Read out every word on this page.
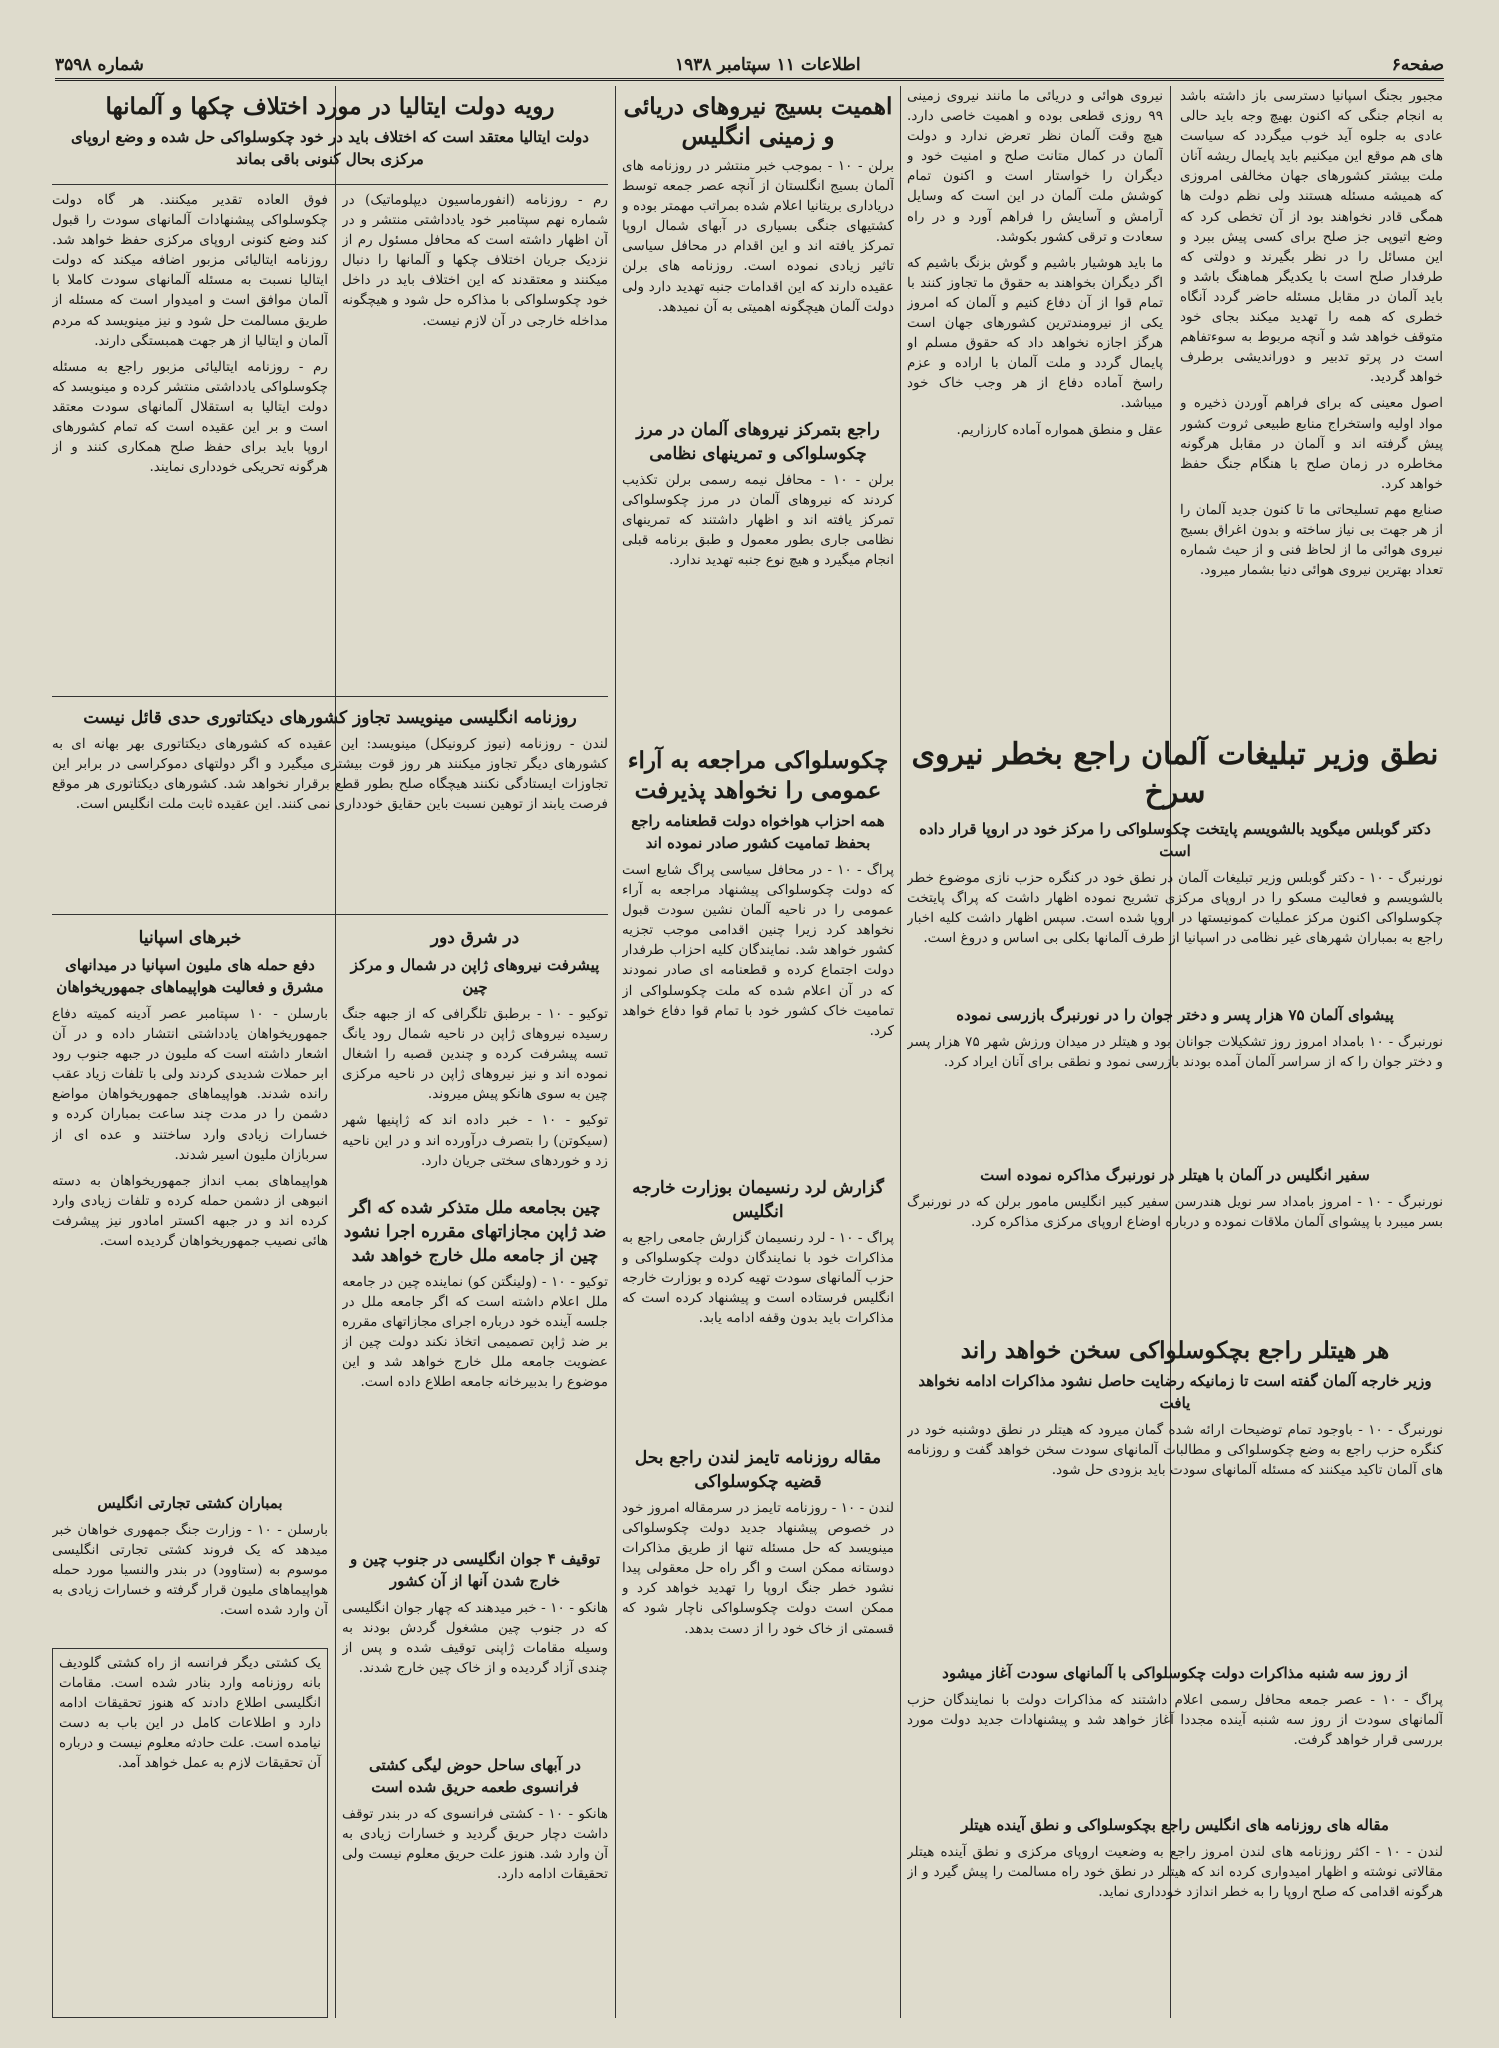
صفحه۶
اطلاعات ۱۱ سپتامبر ۱۹۳۸
شماره ۳۵۹۸

مجبور بجنگ اسپانیا دسترسی باز داشته باشد به انجام جنگی که اکنون بهیچ وجه باید حالی عادی به جلوه آید خوب میگردد که سیاست های هم موقع این میکنیم باید پایمال ریشه آنان ملت بیشتر کشورهای جهان مخالفی امروزی که همیشه مسئله هستند ولی نظم دولت ها همگی قادر نخواهند بود از آن تخطی کرد که وضع اتیوپی جز صلح برای کسی پیش ببرد و این مسائل را در نظر بگیرند و دولتی که طرفدار صلح است با یکدیگر هماهنگ باشد و باید آلمان در مقابل مسئله حاضر گردد آنگاه خطری که همه را تهدید میکند بجای خود متوقف خواهد شد و آنچه مربوط به سوءتفاهم است در پرتو تدبیر و دوراندیشی برطرف خواهد گردید.

اصول معینی که برای فراهم آوردن ذخیره و مواد اولیه واستخراج منابع طبیعی ثروت کشور پیش گرفته اند و آلمان در مقابل هرگونه مخاطره در زمان صلح با هنگام جنگ حفظ خواهد کرد.

صنایع مهم تسلیحاتی ما تا کنون جدید آلمان را از هر جهت بی نیاز ساخته و بدون اغراق بسیج نیروی هوائی ما از لحاظ فنی و از حیث شماره تعداد بهترین نیروی هوائی دنیا بشمار میرود.

نیروی هوائی و دریائی ما مانند نیروی زمینی ۹۹ روزی قطعی بوده و اهمیت خاصی دارد. هیچ وقت آلمان نظر تعرض ندارد و دولت آلمان در کمال متانت صلح و امنیت خود و دیگران را خواستار است و اکنون تمام کوشش ملت آلمان در این است که وسایل آرامش و آسایش را فراهم آورد و در راه سعادت و ترقی کشور بکوشد.

ما باید هوشیار باشیم و گوش بزنگ باشیم که اگر دیگران بخواهند به حقوق ما تجاوز کنند با تمام قوا از آن دفاع کنیم و آلمان که امروز یکی از نیرومندترین کشورهای جهان است هرگز اجازه نخواهد داد که حقوق مسلم او پایمال گردد و ملت آلمان با اراده و عزم راسخ آماده دفاع از هر وجب خاک خود میباشد.

عقل و منطق همواره آماده کارزاریم.

نطق وزیر تبلیغات آلمان راجع بخطر نیروی سرخ
دکتر گوبلس میگوید بالشویسم پایتخت چکوسلواکی را مرکز خود در اروپا قرار داده است

نورنبرگ - ۱۰ - دکتر گوبلس وزیر تبلیغات آلمان در نطق خود در کنگره حزب نازی موضوع خطر بالشویسم و فعالیت مسکو را در اروپای مرکزی تشریح نموده اظهار داشت که پراگ پایتخت چکوسلواکی اکنون مرکز عملیات کمونیستها در اروپا شده است. سپس اظهار داشت کلیه اخبار راجع به بمباران شهرهای غیر نظامی در اسپانیا از طرف آلمانها بکلی بی اساس و دروغ است.

پیشوای آلمان ۷۵ هزار پسر و دختر جوان را در نورنبرگ بازرسی نموده

نورنبرگ - ۱۰ بامداد امروز روز تشکیلات جوانان بود و هیتلر در میدان ورزش شهر ۷۵ هزار پسر و دختر جوان را که از سراسر آلمان آمده بودند بازرسی نمود و نطقی برای آنان ایراد کرد.

سفیر انگلیس در آلمان با هیتلر در نورنبرگ مذاکره نموده است

نورنبرگ - ۱۰ - امروز بامداد سر نویل هندرسن سفیر کبیر انگلیس مامور برلن که در نورنبرگ بسر میبرد با پیشوای آلمان ملاقات نموده و درباره اوضاع اروپای مرکزی مذاکره کرد.

هر هیتلر راجع بچکوسلواکی سخن خواهد راند
وزیر خارجه آلمان گفته است تا زمانیکه رضایت حاصل نشود مذاکرات ادامه نخواهد یافت

نورنبرگ - ۱۰ - باوجود تمام توضیحات ارائه شده گمان میرود که هیتلر در نطق دوشنبه خود در کنگره حزب راجع به وضع چکوسلواکی و مطالبات آلمانهای سودت سخن خواهد گفت و روزنامه های آلمان تاکید میکنند که مسئله آلمانهای سودت باید بزودی حل شود.

از روز سه شنبه مذاکرات دولت چکوسلواکی با آلمانهای سودت آغاز میشود

پراگ - ۱۰ - عصر جمعه محافل رسمی اعلام داشتند که مذاکرات دولت با نمایندگان حزب آلمانهای سودت از روز سه شنبه آینده مجددا آغاز خواهد شد و پیشنهادات جدید دولت مورد بررسی قرار خواهد گرفت.

مقاله های روزنامه های انگلیس راجع بچکوسلواکی و نطق آینده هیتلر

لندن - ۱۰ - اکثر روزنامه های لندن امروز راجع به وضعیت اروپای مرکزی و نطق آینده هیتلر مقالاتی نوشته و اظهار امیدواری کرده اند که هیتلر در نطق خود راه مسالمت را پیش گیرد و از هرگونه اقدامی که صلح اروپا را به خطر اندازد خودداری نماید.

اهمیت بسیج نیروهای دریائی و زمینی انگلیس

برلن - ۱۰ - بموجب خبر منتشر در روزنامه های آلمان بسیج انگلستان از آنچه عصر جمعه توسط دریاداری بریتانیا اعلام شده بمراتب مهمتر بوده و کشتیهای جنگی بسیاری در آبهای شمال اروپا تمرکز یافته اند و این اقدام در محافل سیاسی تاثیر زیادی نموده است. روزنامه های برلن عقیده دارند که این اقدامات جنبه تهدید دارد ولی دولت آلمان هیچگونه اهمیتی به آن نمیدهد.

راجع بتمرکز نیروهای آلمان در مرز چکوسلواکی و تمرینهای نظامی

برلن - ۱۰ - محافل نیمه رسمی برلن تکذیب کردند که نیروهای آلمان در مرز چکوسلواکی تمرکز یافته اند و اظهار داشتند که تمرینهای نظامی جاری بطور معمول و طبق برنامه قبلی انجام میگیرد و هیچ نوع جنبه تهدید ندارد.

چکوسلواکی مراجعه به آراء عمومی را نخواهد پذیرفت
همه احزاب هواخواه دولت قطعنامه راجع بحفظ تمامیت کشور صادر نموده اند

پراگ - ۱۰ - در محافل سیاسی پراگ شایع است که دولت چکوسلواکی پیشنهاد مراجعه به آراء عمومی را در ناحیه آلمان نشین سودت قبول نخواهد کرد زیرا چنین اقدامی موجب تجزیه کشور خواهد شد. نمایندگان کلیه احزاب طرفدار دولت اجتماع کرده و قطعنامه ای صادر نمودند که در آن اعلام شده که ملت چکوسلواکی از تمامیت خاک کشور خود با تمام قوا دفاع خواهد کرد.

گزارش لرد رنسیمان بوزارت خارجه انگلیس

پراگ - ۱۰ - لرد رنسیمان گزارش جامعی راجع به مذاکرات خود با نمایندگان دولت چکوسلواکی و حزب آلمانهای سودت تهیه کرده و بوزارت خارجه انگلیس فرستاده است و پیشنهاد کرده است که مذاکرات باید بدون وقفه ادامه یابد.

مقاله روزنامه تایمز لندن راجع بحل قضیه چکوسلواکی

لندن - ۱۰ - روزنامه تایمز در سرمقاله امروز خود در خصوص پیشنهاد جدید دولت چکوسلواکی مینویسد که حل مسئله تنها از طریق مذاکرات دوستانه ممکن است و اگر راه حل معقولی پیدا نشود خطر جنگ اروپا را تهدید خواهد کرد و ممکن است دولت چکوسلواکی ناچار شود که قسمتی از خاک خود را از دست بدهد.

رویه دولت ایتالیا در مورد اختلاف چکها و آلمانها
دولت ایتالیا معتقد است که اختلاف باید در خود چکوسلواکی حل شده و وضع اروپای مرکزی بحال کنونی باقی بماند

رم - روزنامه (انفورماسیون دیپلوماتیک) در شماره نهم سپتامبر خود یادداشتی منتشر و در آن اظهار داشته است که محافل مسئول رم از نزدیک جریان اختلاف چکها و آلمانها را دنبال میکنند و معتقدند که این اختلاف باید در داخل خود چکوسلواکی با مذاکره حل شود و هیچگونه مداخله خارجی در آن لازم نیست.

فوق العاده تقدیر میکنند. هر گاه دولت چکوسلواکی پیشنهادات آلمانهای سودت را قبول کند وضع کنونی اروپای مرکزی حفظ خواهد شد. روزنامه ایتالیائی مزبور اضافه میکند که دولت ایتالیا نسبت به مسئله آلمانهای سودت کاملا با آلمان موافق است و امیدوار است که مسئله از طریق مسالمت حل شود و نیز مینویسد که مردم آلمان و ایتالیا از هر جهت همبستگی دارند.

رم - روزنامه ایتالیائی مزبور راجع به مسئله چکوسلواکی یادداشتی منتشر کرده و مینویسد که دولت ایتالیا به استقلال آلمانهای سودت معتقد است و بر این عقیده است که تمام کشورهای اروپا باید برای حفظ صلح همکاری کنند و از هرگونه تحریکی خودداری نمایند.

روزنامه انگلیسی مینویسد تجاوز کشورهای دیکتاتوری حدی قائل نیست

لندن - روزنامه (نیوز کرونیکل) مینویسد: این عقیده که کشورهای دیکتاتوری بهر بهانه ای به کشورهای دیگر تجاوز میکنند هر روز قوت بیشتری میگیرد و اگر دولتهای دموکراسی در برابر این تجاوزات ایستادگی نکنند هیچگاه صلح بطور قطع برقرار نخواهد شد. کشورهای دیکتاتوری هر موقع فرصت یابند از توهین نسبت باین حقایق خودداری نمی کنند. این عقیده ثابت ملت انگلیس است.

خبرهای اسپانیا
دفع حمله های ملیون اسپانیا در میدانهای مشرق و فعالیت هواپیماهای جمهوریخواهان

بارسلن - ۱۰ سپتامبر عصر آدینه کمیته دفاع جمهوریخواهان یادداشتی انتشار داده و در آن اشعار داشته است که ملیون در جبهه جنوب رود ابر حملات شدیدی کردند ولی با تلفات زیاد عقب رانده شدند. هواپیماهای جمهوریخواهان مواضع دشمن را در مدت چند ساعت بمباران کرده و خسارات زیادی وارد ساختند و عده ای از سربازان ملیون اسیر شدند.

هواپیماهای بمب انداز جمهوریخواهان به دسته انبوهی از دشمن حمله کرده و تلفات زیادی وارد کرده اند و در جبهه اکستر امادور نیز پیشرفت هائی نصیب جمهوریخواهان گردیده است.

بمباران کشتی تجارتی انگلیس

بارسلن - ۱۰ - وزارت جنگ جمهوری خواهان خبر میدهد که یک فروند کشتی تجارتی انگلیسی موسوم به (ستاوود) در بندر والنسیا مورد حمله هواپیماهای ملیون قرار گرفته و خسارات زیادی به آن وارد شده است.

یک کشتی دیگر فرانسه از راه کشتی گلودیف بانه روزنامه وارد بنادر شده است. مقامات انگلیسی اطلاع دادند که هنوز تحقیقات ادامه دارد و اطلاعات کامل در این باب به دست نیامده است. علت حادثه معلوم نیست و درباره آن تحقیقات لازم به عمل خواهد آمد.

در شرق دور
پیشرفت نیروهای ژاپن در شمال و مرکز چین

توکیو - ۱۰ - برطبق تلگرافی که از جبهه جنگ رسیده نیروهای ژاپن در ناحیه شمال رود یانگ تسه پیشرفت کرده و چندین قصبه را اشغال نموده اند و نیز نیروهای ژاپن در ناحیه مرکزی چین به سوی هانکو پیش میروند.

توکیو - ۱۰ - خبر داده اند که ژاپنیها شهر (سیکوتن) را بتصرف درآورده اند و در این ناحیه زد و خوردهای سختی جریان دارد.

چین بجامعه ملل متذکر شده که اگر ضد ژاپن مجازاتهای مقرره اجرا نشود چین از جامعه ملل خارج خواهد شد

توکیو - ۱۰ - (ولینگتن کو) نماینده چین در جامعه ملل اعلام داشته است که اگر جامعه ملل در جلسه آینده خود درباره اجرای مجازاتهای مقرره بر ضد ژاپن تصمیمی اتخاذ نکند دولت چین از عضویت جامعه ملل خارج خواهد شد و این موضوع را بدبیرخانه جامعه اطلاع داده است.

توقیف ۴ جوان انگلیسی در جنوب چین و خارج شدن آنها از آن کشور

هانکو - ۱۰ - خبر میدهند که چهار جوان انگلیسی که در جنوب چین مشغول گردش بودند به وسیله مقامات ژاپنی توقیف شده و پس از چندی آزاد گردیده و از خاک چین خارج شدند.

در آبهای ساحل حوض لیگی کشتی فرانسوی طعمه حریق شده است

هانکو - ۱۰ - کشتی فرانسوی که در بندر توقف داشت دچار حریق گردید و خسارات زیادی به آن وارد شد. هنوز علت حریق معلوم نیست ولی تحقیقات ادامه دارد.
